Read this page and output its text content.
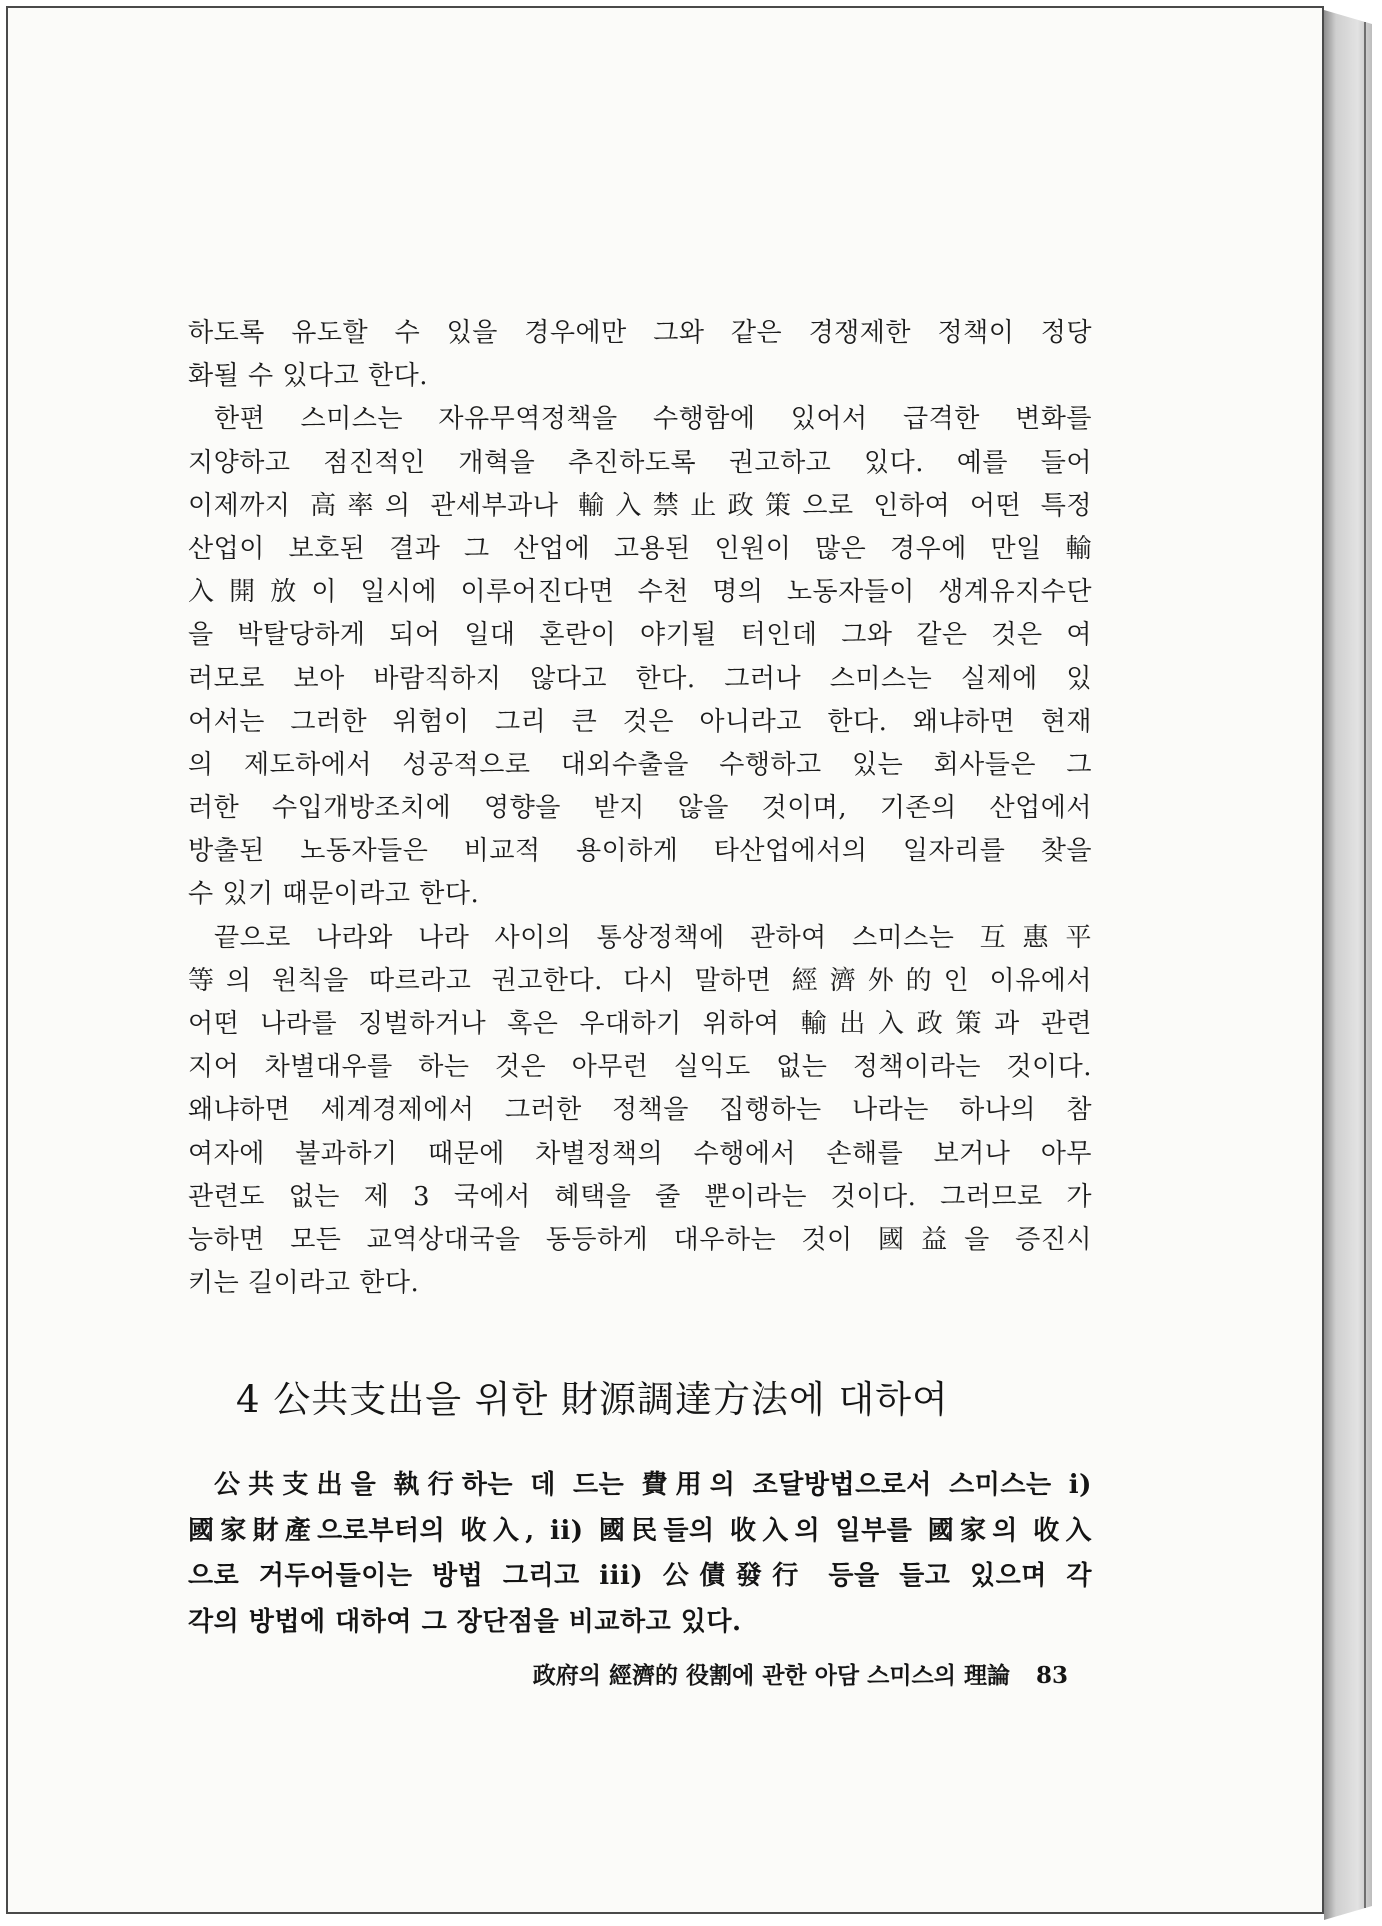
하도록 유도할 수 있을 경우에만 그와 같은 경쟁제한 정책이 정당
화될 수 있다고 한다.
한편 스미스는 자유무역정책을 수행함에 있어서 급격한 변화를
지양하고 점진적인 개혁을 추진하도록 권고하고 있다. 예를 들어
이제까지 高率의 관세부과나 輸入禁止政策으로 인하여 어떤 특정
산업이 보호된 결과 그 산업에 고용된 인원이 많은 경우에 만일 輸
入開放이 일시에 이루어진다면 수천 명의 노동자들이 생계유지수단
을 박탈당하게 되어 일대 혼란이 야기될 터인데 그와 같은 것은 여
러모로 보아 바람직하지 않다고 한다. 그러나 스미스는 실제에 있
어서는 그러한 위험이 그리 큰 것은 아니라고 한다. 왜냐하면 현재
의 제도하에서 성공적으로 대외수출을 수행하고 있는 회사들은 그
러한 수입개방조치에 영향을 받지 않을 것이며, 기존의 산업에서
방출된 노동자들은 비교적 용이하게 타산업에서의 일자리를 찾을
수 있기 때문이라고 한다.
끝으로 나라와 나라 사이의 통상정책에 관하여 스미스는 互惠平
等의 원칙을 따르라고 권고한다. 다시 말하면 經濟外的인 이유에서
어떤 나라를 징벌하거나 혹은 우대하기 위하여 輸出入政策과 관련
지어 차별대우를 하는 것은 아무런 실익도 없는 정책이라는 것이다.
왜냐하면 세계경제에서 그러한 정책을 집행하는 나라는 하나의 참
여자에 불과하기 때문에 차별정책의 수행에서 손해를 보거나 아무
관련도 없는 제 3 국에서 혜택을 줄 뿐이라는 것이다. 그러므로 가
능하면 모든 교역상대국을 동등하게 대우하는 것이 國益을 증진시
키는 길이라고 한다.
4 公共支出을 위한 財源調達方法에 대하여
公共支出을 執行하는 데 드는 費用의 조달방법으로서 스미스는 i)
國家財產으로부터의 收入, ii) 國民들의 收入의 일부를 國家의 收入
으로 거두어들이는 방법 그리고 iii) 公債發行 등을 들고 있으며 각
각의 방법에 대하여 그 장단점을 비교하고 있다.
政府의 經濟的 役割에 관한 아담 스미스의 理論 83
